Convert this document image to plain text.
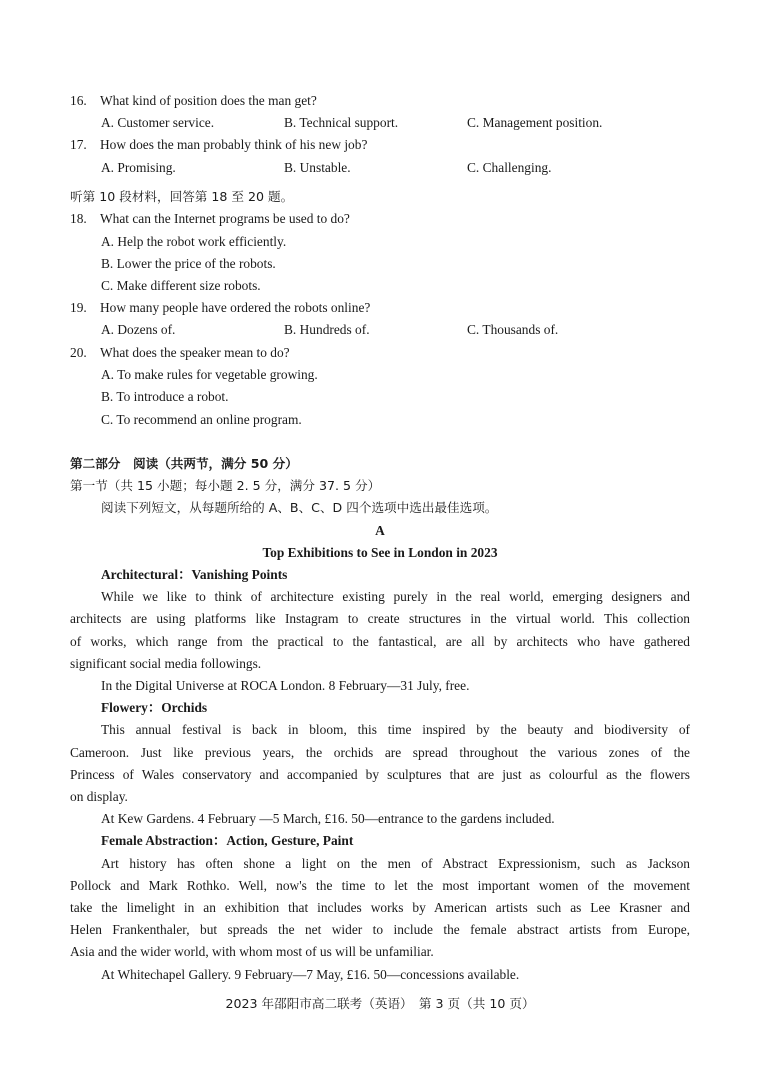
16. What kind of position does the man get?
A. Customer service.	B. Technical support.	C. Management position.
17. How does the man probably think of his new job?
A. Promising.	B. Unstable.	C. Challenging.
听第 10 段材料，回答第 18 至 20 题。
18. What can the Internet programs be used to do?
A. Help the robot work efficiently.
B. Lower the price of the robots.
C. Make different size robots.
19. How many people have ordered the robots online?
A. Dozens of.	B. Hundreds of.	C. Thousands of.
20. What does the speaker mean to do?
A. To make rules for vegetable growing.
B. To introduce a robot.
C. To recommend an online program.
第二部分　阅读（共两节，满分 50 分）
第一节（共 15 小题；每小题 2. 5 分，满分 37. 5 分）
阅读下列短文，从每题所给的 A、B、C、D 四个选项中选出最佳选项。
A
Top Exhibitions to See in London in 2023
Architectural：Vanishing Points
While we like to think of architecture existing purely in the real world, emerging designers and
architects are using platforms like Instagram to create structures in the virtual world. This collection
of works, which range from the practical to the fantastical, are all by architects who have gathered
significant social media followings.
In the Digital Universe at ROCA London. 8 February—31 July, free.
Flowery：Orchids
This annual festival is back in bloom, this time inspired by the beauty and biodiversity of
Cameroon. Just like previous years, the orchids are spread throughout the various zones of the
Princess of Wales conservatory and accompanied by sculptures that are just as colourful as the flowers
on display.
At Kew Gardens. 4 February —5 March, £16. 50—entrance to the gardens included.
Female Abstraction：Action, Gesture, Paint
Art history has often shone a light on the men of Abstract Expressionism, such as Jackson
Pollock and Mark Rothko. Well, now's the time to let the most important women of the movement
take the limelight in an exhibition that includes works by American artists such as Lee Krasner and
Helen Frankenthaler, but spreads the net wider to include the female abstract artists from Europe,
Asia and the wider world, with whom most of us will be unfamiliar.
At Whitechapel Gallery. 9 February—7 May, £16. 50—concessions available.
2023 年邵阳市高二联考（英语）　第 3 页（共 10 页）
